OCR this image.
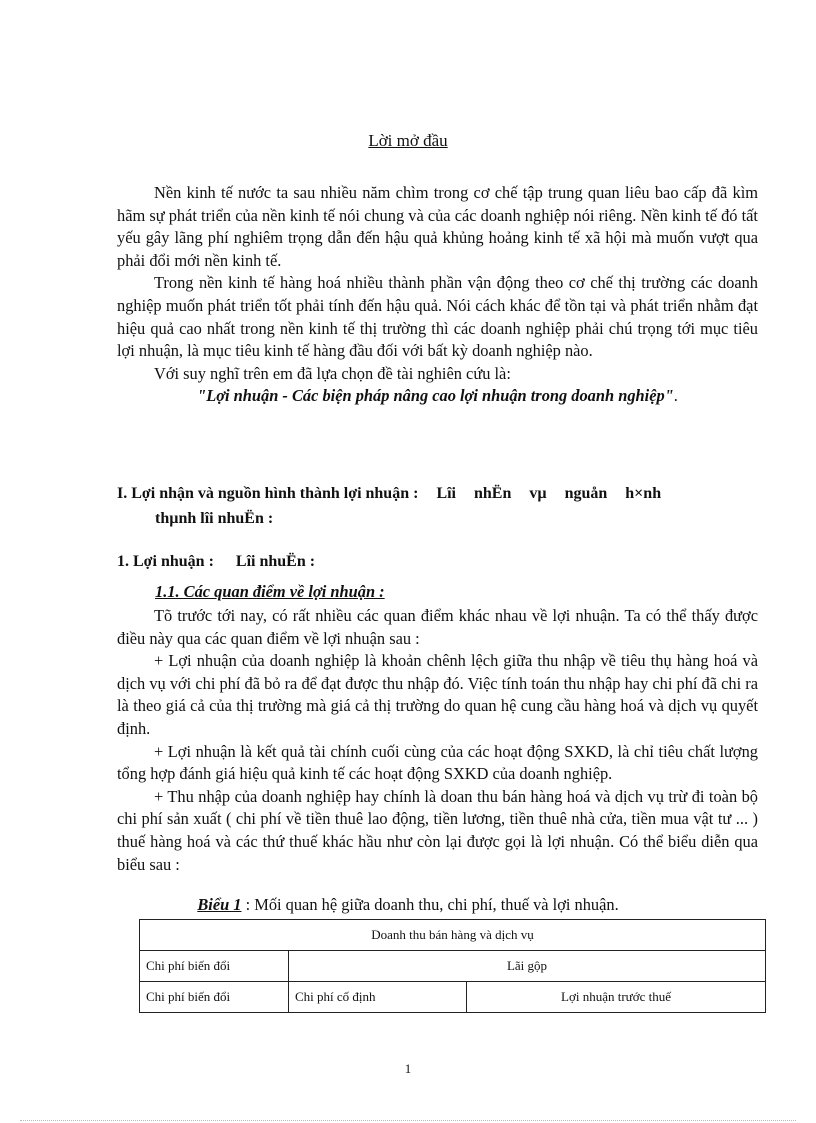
Lời mở đầu

Nền kinh tế nước ta sau nhiều năm chìm trong cơ chế tập trung quan liêu bao cấp đã kìm hãm sự phát triển của nền kinh tế nói chung và của các doanh nghiệp nói riêng. Nền kinh tế đó tất yếu gây lãng phí nghiêm trọng dẫn đến hậu quả khủng hoảng kinh tế xã hội mà muốn vượt qua phải đổi mới nền kinh tế.

Trong nền kinh tế hàng hoá nhiều thành phần vận động theo cơ chế thị trường các doanh nghiệp muốn phát triển tốt phải tính đến hậu quả. Nói cách khác để tồn tại và phát triển nhằm đạt hiệu quả cao nhất trong nền kinh tế thị trường thì các doanh nghiệp phải chú trọng tới mục tiêu lợi nhuận, là mục tiêu kinh tế hàng đầu đối với bất kỳ doanh nghiệp nào.

Với suy nghĩ trên em đã lựa chọn đề tài nghiên cứu là:

"Lợi nhuận - Các biện pháp nâng cao lợi nhuận trong doanh nghiệp".

I. Lợi nhận và nguồn hình thành lợi nhuận : Lîi nhËn vµ nguån h×nh
thµnh lîi nhuËn :
1. Lợi nhuận : Lîi nhuËn :
1.1. Các quan điểm về lợi nhuận :

Tõ trước tới nay, có rất nhiều các quan điểm khác nhau về lợi nhuận. Ta có thể thấy được điều này qua các quan điểm về lợi nhuận sau :

+ Lợi nhuận của doanh nghiệp là khoản chênh lệch giữa thu nhập về tiêu thụ hàng hoá và dịch vụ với chi phí đã bỏ ra để đạt được thu nhập đó. Việc tính toán thu nhập hay chi phí đã chi ra là theo giá cả của thị trường mà giá cả thị trường do quan hệ cung cầu hàng hoá và dịch vụ quyết định.

+ Lợi nhuận là kết quả tài chính cuối cùng của các hoạt động SXKD, là chỉ tiêu chất lượng tổng hợp đánh giá hiệu quả kinh tế các hoạt động SXKD của doanh nghiệp.

+ Thu nhập của doanh nghiệp hay chính là doan thu bán hàng hoá và dịch vụ trừ đi toàn bộ chi phí sản xuất ( chi phí về tiền thuê lao động, tiền lương, tiền thuê nhà cửa, tiền mua vật tư ... ) thuế hàng hoá và các thứ thuế khác hầu như còn lại được gọi là lợi nhuận. Có thể biểu diễn qua biểu sau :

Biểu 1 : Mối quan hệ giữa doanh thu, chi phí, thuế và lợi nhuận.
Doanh thu bán hàng và dịch vụ		
Chi phí biến đổi	Lãi gộp	
Chi phí biến đổi	Chi phí cố định	Lợi nhuận trước thuế
1
